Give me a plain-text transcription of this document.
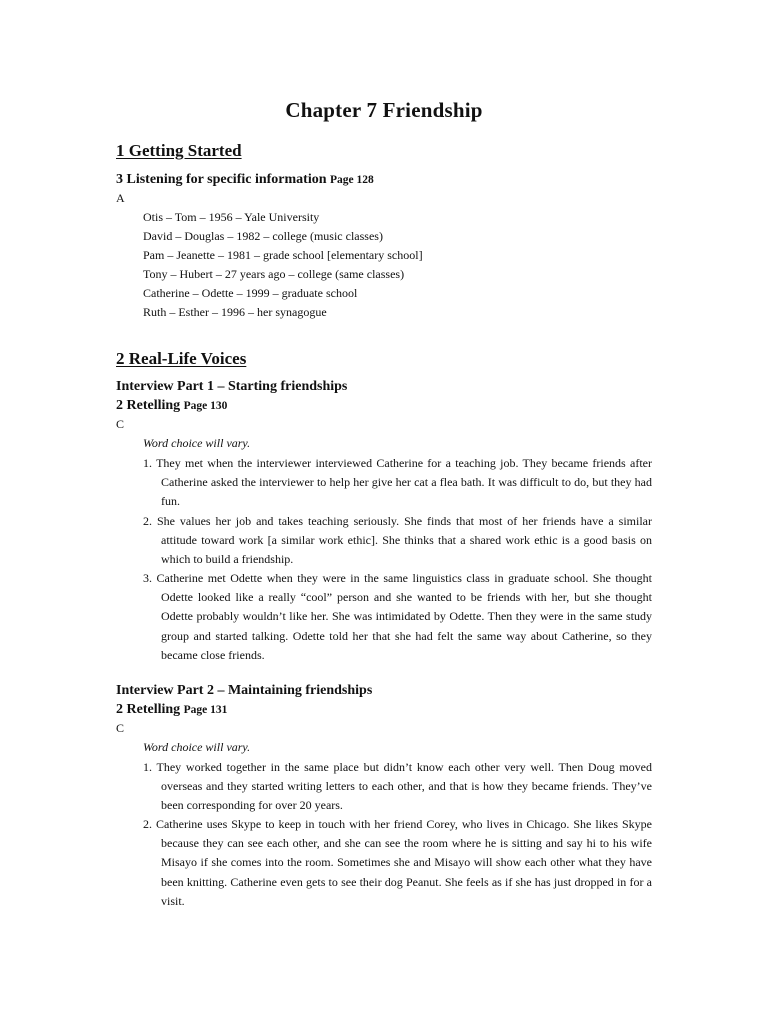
Chapter 7 Friendship
1 Getting Started
3 Listening for specific information Page 128
A
Otis – Tom – 1956 – Yale University
David – Douglas – 1982 – college (music classes)
Pam – Jeanette – 1981 – grade school [elementary school]
Tony – Hubert – 27 years ago – college (same classes)
Catherine – Odette – 1999 – graduate school
Ruth – Esther – 1996 – her synagogue
2 Real-Life Voices
Interview Part 1 – Starting friendships
2 Retelling Page 130
C
Word choice will vary.
1. They met when the interviewer interviewed Catherine for a teaching job. They became friends after Catherine asked the interviewer to help her give her cat a flea bath. It was difficult to do, but they had fun.
2. She values her job and takes teaching seriously. She finds that most of her friends have a similar attitude toward work [a similar work ethic]. She thinks that a shared work ethic is a good basis on which to build a friendship.
3. Catherine met Odette when they were in the same linguistics class in graduate school. She thought Odette looked like a really “cool” person and she wanted to be friends with her, but she thought Odette probably wouldn’t like her. She was intimidated by Odette. Then they were in the same study group and started talking. Odette told her that she had felt the same way about Catherine, so they became close friends.
Interview Part 2 – Maintaining friendships
2 Retelling Page 131
C
Word choice will vary.
1. They worked together in the same place but didn’t know each other very well. Then Doug moved overseas and they started writing letters to each other, and that is how they became friends. They’ve been corresponding for over 20 years.
2. Catherine uses Skype to keep in touch with her friend Corey, who lives in Chicago. She likes Skype because they can see each other, and she can see the room where he is sitting and say hi to his wife Misayo if she comes into the room. Sometimes she and Misayo will show each other what they have been knitting. Catherine even gets to see their dog Peanut. She feels as if she has just dropped in for a visit.
